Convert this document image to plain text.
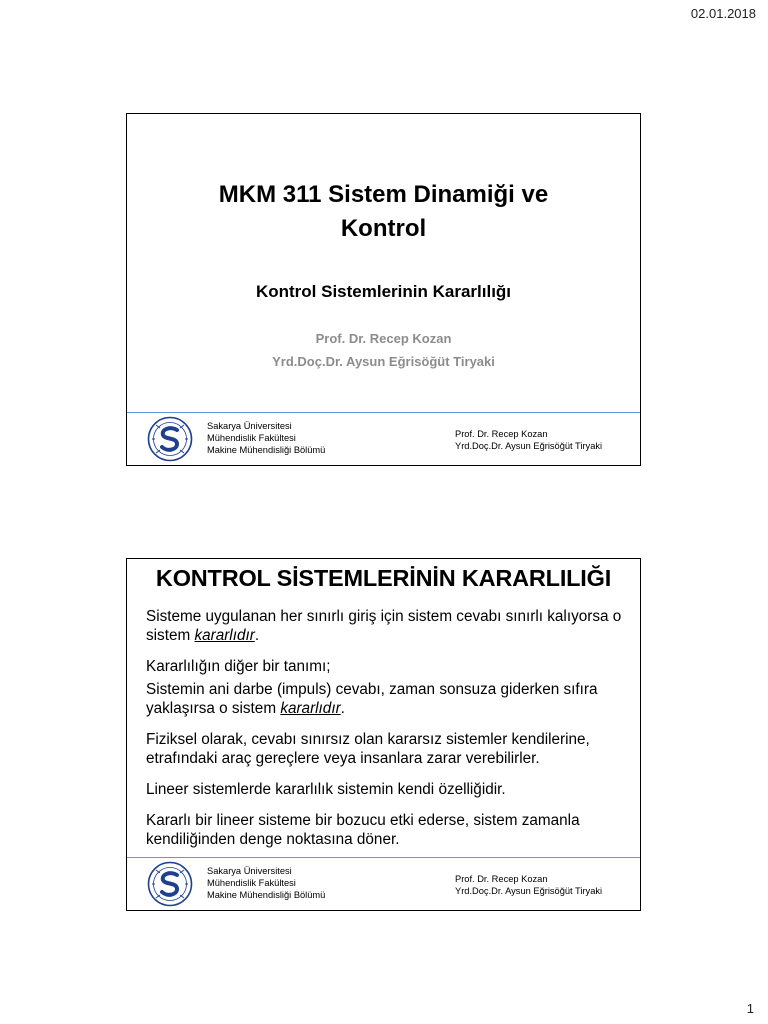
02.01.2018
MKM 311 Sistem Dinamiği ve
Kontrol
Kontrol Sistemlerinin Kararlılığı
Prof. Dr. Recep Kozan
Yrd.Doç.Dr. Aysun Eğrisöğüt Tiryaki
Sakarya Üniversitesi
Mühendislik Fakültesi
Makine Mühendisliği Bölümü
Prof. Dr. Recep Kozan
Yrd.Doç.Dr. Aysun Eğrisöğüt Tiryaki
KONTROL SİSTEMLERİNİN KARARLILIĞI

Sisteme uygulanan her sınırlı giriş için sistem cevabı sınırlı kalıyorsa o sistem kararlıdır.

Kararlılığın diğer bir tanımı;

Sistemin ani darbe (impuls) cevabı, zaman sonsuza giderken sıfıra yaklaşırsa o sistem kararlıdır.

Fiziksel olarak, cevabı sınırsız olan kararsız sistemler kendilerine, etrafındaki araç gereçlere veya insanlara zarar verebilirler.

Lineer sistemlerde kararlılık sistemin kendi özelliğidir.

Kararlı bir lineer sisteme bir bozucu etki ederse, sistem zamanla kendiliğinden denge noktasına döner.

Sakarya Üniversitesi
Mühendislik Fakültesi
Makine Mühendisliği Bölümü
Prof. Dr. Recep Kozan
Yrd.Doç.Dr. Aysun Eğrisöğüt Tiryaki
1
